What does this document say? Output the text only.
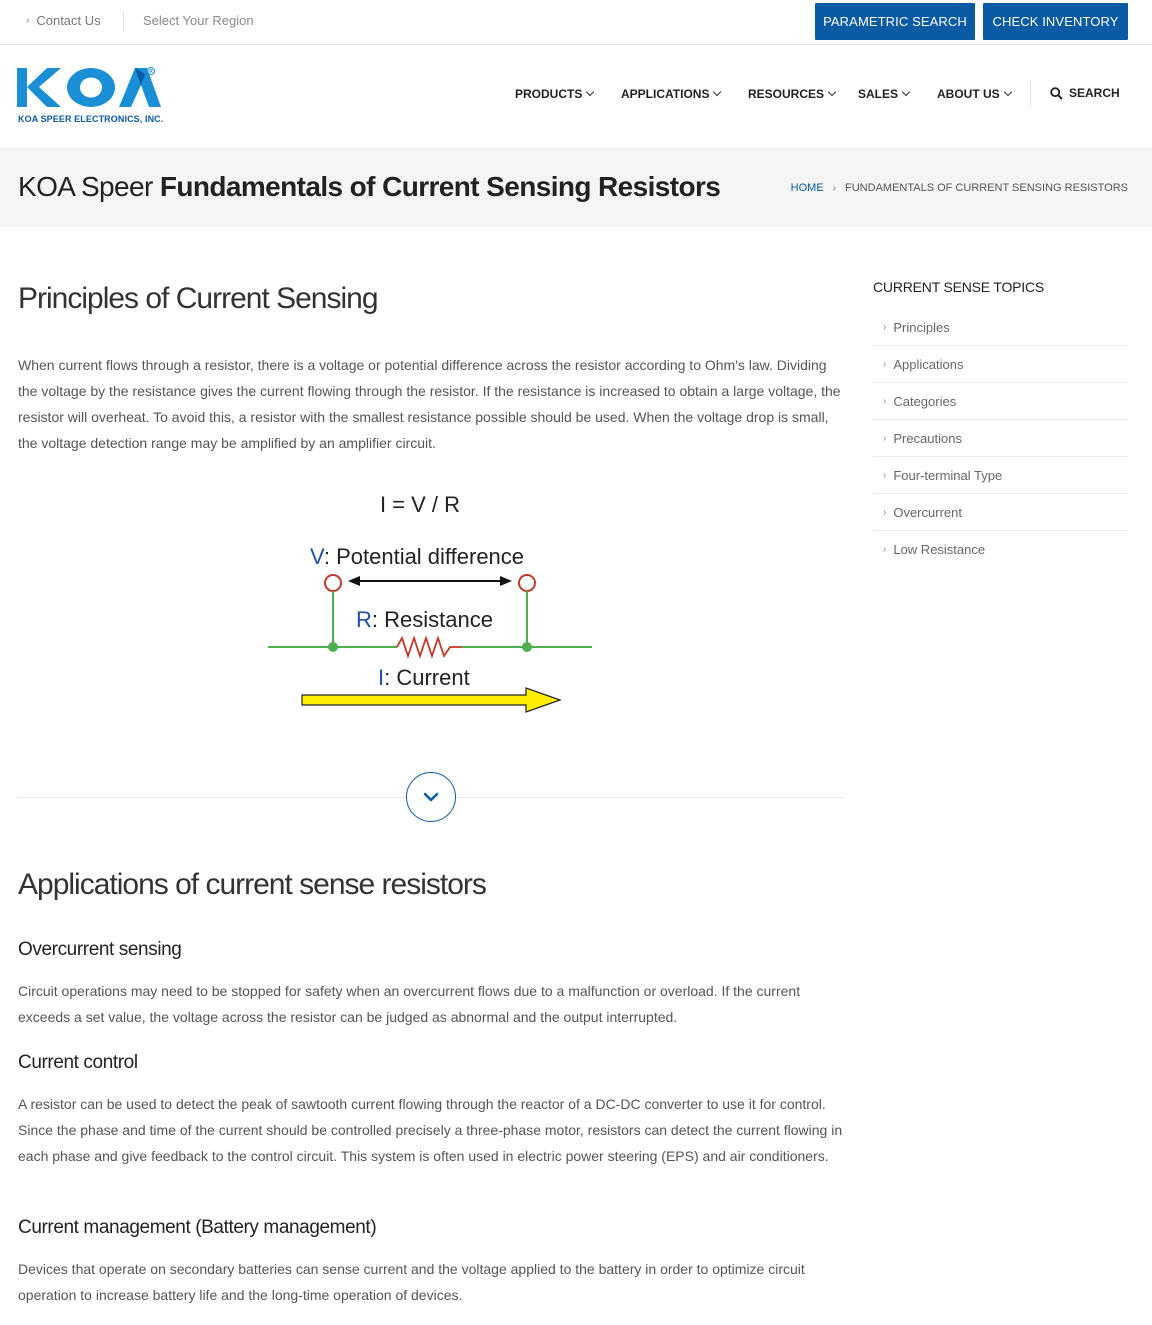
› Contact Us	Select Your Region	PARAMETRIC SEARCH	CHECK INVENTORY
R
KOA SPEER ELECTRONICS, INC.
PRODUCTS	APPLICATIONS	RESOURCES	SALES	ABOUT US	SEARCH
KOA Speer Fundamentals of Current Sensing Resistors	HOME › FUNDAMENTALS OF CURRENT SENSING RESISTORS
Principles of Current Sensing

When current flows through a resistor, there is a voltage or potential difference across the resistor according to Ohm's law. Dividing the voltage by the resistance gives the current flowing through the resistor. If the resistance is increased to obtain a large voltage, the resistor will overheat. To avoid this, a resistor with the smallest resistance possible should be used. When the voltage drop is small, the voltage detection range may be amplified by an amplifier circuit.

I = V / R
V: Potential difference
R: Resistance
I: Current
Applications of current sense resistors
Overcurrent sensing

Circuit operations may need to be stopped for safety when an overcurrent flows due to a malfunction or overload. If the current exceeds a set value, the voltage across the resistor can be judged as abnormal and the output interrupted.

Current control

A resistor can be used to detect the peak of sawtooth current flowing through the reactor of a DC-DC converter to use it for control. Since the phase and time of the current should be controlled precisely a three-phase motor, resistors can detect the current flowing in each phase and give feedback to the control circuit. This system is often used in electric power steering (EPS) and air conditioners.

Current management (Battery management)

Devices that operate on secondary batteries can sense current and the voltage applied to the battery in order to optimize circuit operation to increase battery life and the long-time operation of devices.

CURRENT SENSE TOPICS
› Principles
› Applications
› Categories
› Precautions
› Four-terminal Type
› Overcurrent
› Low Resistance
